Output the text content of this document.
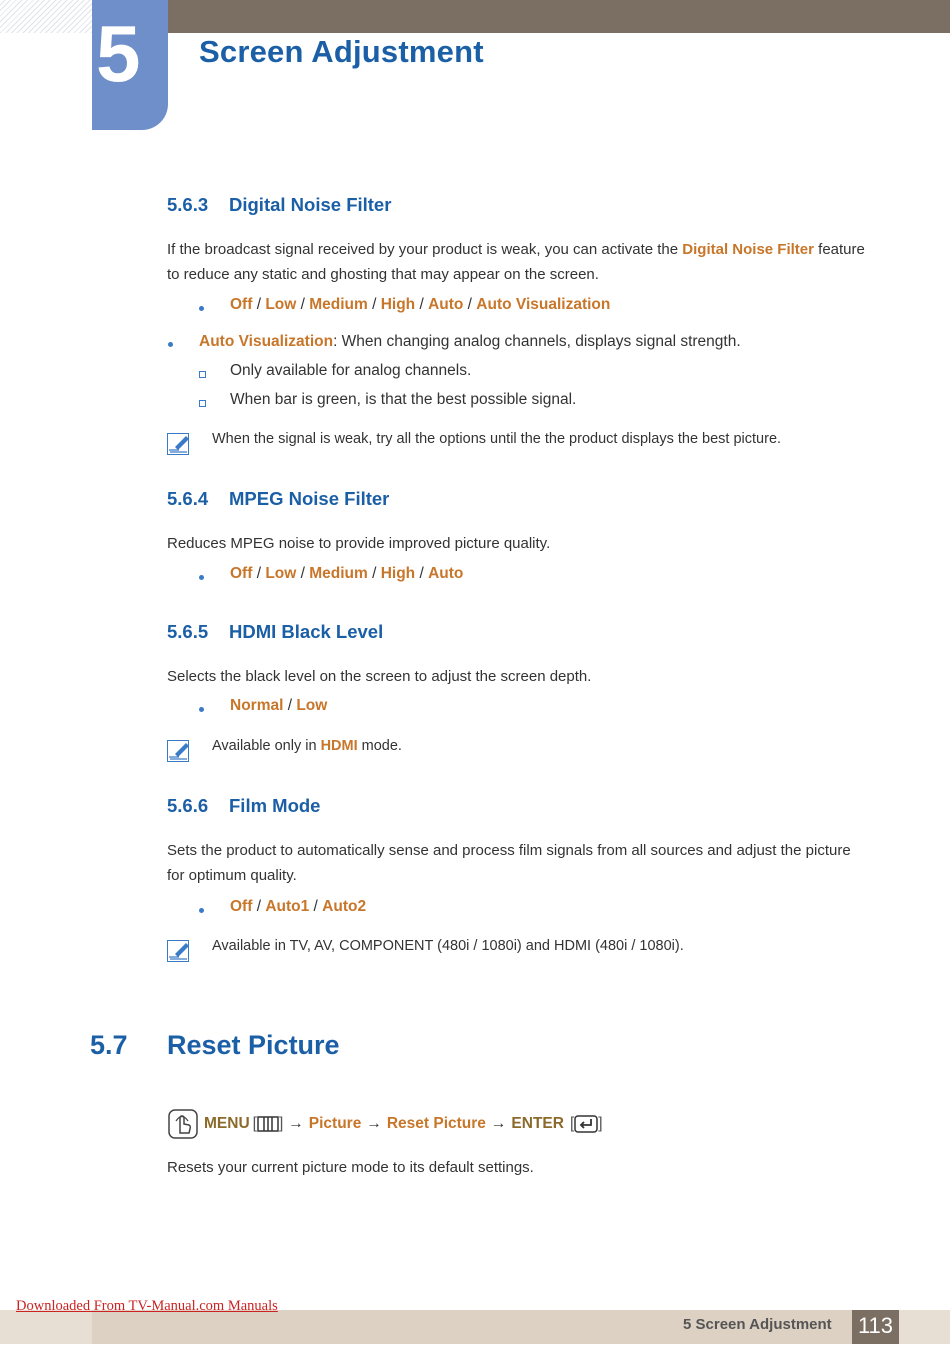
5	Screen Adjustment
5.6.3 Digital Noise Filter
If the broadcast signal received by your product is weak, you can activate the Digital Noise Filter feature
to reduce any static and ghosting that may appear on the screen.
Off / Low / Medium / High / Auto / Auto Visualization
Auto Visualization: When changing analog channels, displays signal strength.
Only available for analog channels.
When bar is green, is that the best possible signal.
When the signal is weak, try all the options until the the product displays the best picture.
5.6.4 MPEG Noise Filter
Reduces MPEG noise to provide improved picture quality.
Off / Low / Medium / High / Auto
5.6.5 HDMI Black Level
Selects the black level on the screen to adjust the screen depth.
Normal / Low
Available only in HDMI mode.
5.6.6 Film Mode
Sets the product to automatically sense and process film signals from all sources and adjust the picture
for optimum quality.
Off / Auto1 / Auto2
Available in TV, AV, COMPONENT (480i / 1080i) and HDMI (480i / 1080i).
5.7 Reset Picture
MENU [ ] → Picture → Reset Picture → ENTER [ ]
Resets your current picture mode to its default settings.
5 Screen Adjustment 113
Downloaded From TV-Manual.com Manuals
